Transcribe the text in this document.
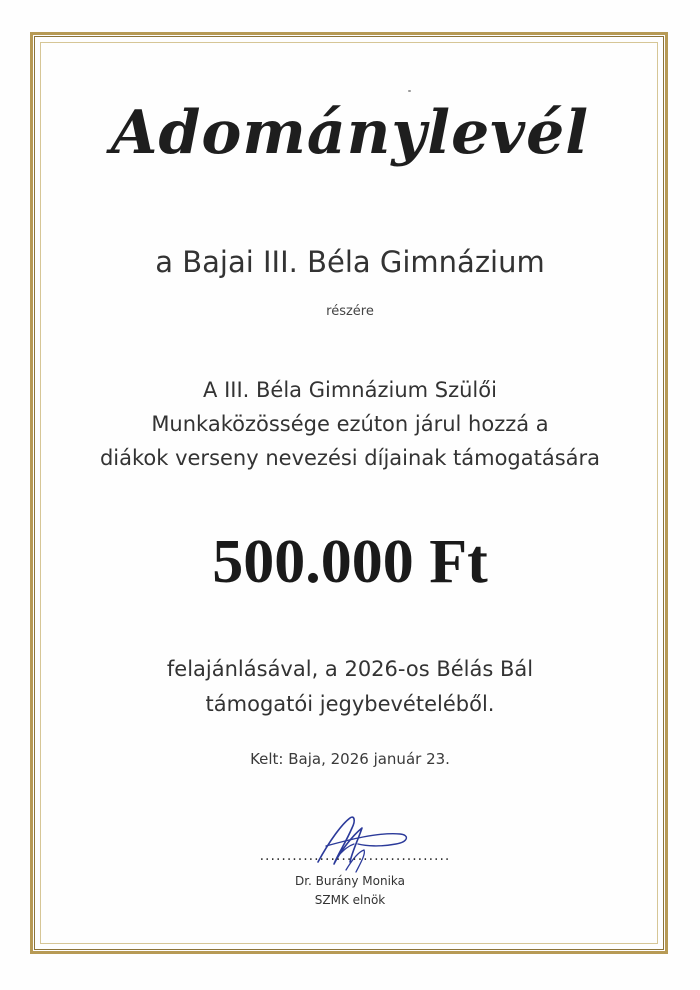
Adománylevél
a Bajai III. Béla Gimnázium
részére
A III. Béla Gimnázium Szülői
Munkaközössége ezúton járul hozzá a
diákok verseny nevezési díjainak támogatására
500.000 Ft
felajánlásával, a 2026-os Bélás Bál
támogatói jegybevételéből.
Kelt: Baja, 2026 január 23.
...................................
Dr. Burány Monika
SZMK elnök
